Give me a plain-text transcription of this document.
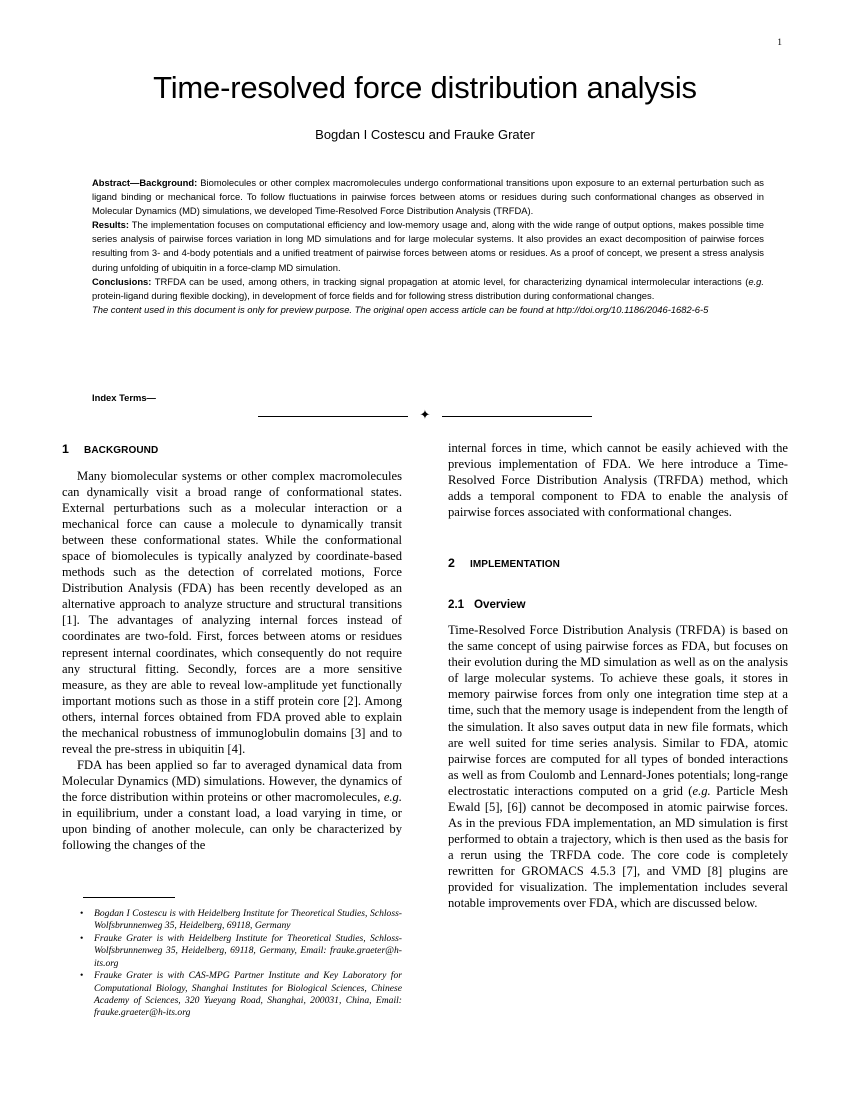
1
Time-resolved force distribution analysis
Bogdan I Costescu and Frauke Grater

Abstract—Background: Biomolecules or other complex macromolecules undergo conformational transitions upon exposure to an external perturbation such as ligand binding or mechanical force. To follow fluctuations in pairwise forces between atoms or residues during such conformational changes as observed in Molecular Dynamics (MD) simulations, we developed Time-Resolved Force Distribution Analysis (TRFDA).

Results: The implementation focuses on computational efficiency and low-memory usage and, along with the wide range of output options, makes possible time series analysis of pairwise forces variation in long MD simulations and for large molecular systems. It also provides an exact decomposition of pairwise forces resulting from 3- and 4-body potentials and a unified treatment of pairwise forces between atoms or residues. As a proof of concept, we present a stress analysis during unfolding of ubiquitin in a force-clamp MD simulation.

Conclusions: TRFDA can be used, among others, in tracking signal propagation at atomic level, for characterizing dynamical intermolecular interactions (e.g. protein-ligand during flexible docking), in development of force fields and for following stress distribution during conformational changes.

The content used in this document is only for preview purpose. The original open access article can be found at http://doi.org/10.1186/2046-1682-6-5

Index Terms—
✦
1 background

Many biomolecular systems or other complex macromolecules can dynamically visit a broad range of conformational states. External perturbations such as a molecular interaction or a mechanical force can cause a molecule to dynamically transit between these conformational states. While the conformational space of biomolecules is typically analyzed by coordinate-based methods such as the detection of correlated motions, Force Distribution Analysis (FDA) has been recently developed as an alternative approach to analyze structure and structural transitions [1]. The advantages of analyzing internal forces instead of coordinates are two-fold. First, forces between atoms or residues represent internal coordinates, which consequently do not require any structural fitting. Secondly, forces are a more sensitive measure, as they are able to reveal low-amplitude yet functionally important motions such as those in a stiff protein core [2]. Among others, internal forces obtained from FDA proved able to explain the mechanical robustness of immunoglobulin domains [3] and to reveal the pre-stress in ubiquitin [4].

FDA has been applied so far to averaged dynamical data from Molecular Dynamics (MD) simulations. However, the dynamics of the force distribution within proteins or other macromolecules, e.g. in equilibrium, under a constant load, a load varying in time, or upon binding of another molecule, can only be characterized by following the changes of the

internal forces in time, which cannot be easily achieved with the previous implementation of FDA. We here introduce a Time-Resolved Force Distribution Analysis (TRFDA) method, which adds a temporal component to FDA to enable the analysis of pairwise forces associated with conformational changes.

2 implementation
2.1 Overview

Time-Resolved Force Distribution Analysis (TRFDA) is based on the same concept of using pairwise forces as FDA, but focuses on their evolution during the MD simulation as well as on the analysis of large molecular systems. To achieve these goals, it stores in memory pairwise forces from only one integration time step at a time, such that the memory usage is independent from the length of the simulation. It also saves output data in new file formats, which are well suited for time series analysis. Similar to FDA, atomic pairwise forces are computed for all types of bonded interactions as well as from Coulomb and Lennard-Jones potentials; long-range electrostatic interactions computed on a grid (e.g. Particle Mesh Ewald [5], [6]) cannot be decomposed in atomic pairwise forces. As in the previous FDA implementation, an MD simulation is first performed to obtain a trajectory, which is then used as the basis for a rerun using the TRFDA code. The core code is completely rewritten for GROMACS 4.5.3 [7], and VMD [8] plugins are provided for visualization. The implementation includes several notable improvements over FDA, which are discussed below.

• Bogdan I Costescu is with Heidelberg Institute for Theoretical Studies, Schloss-Wolfsbrunnenweg 35, Heidelberg, 69118, Germany
• Frauke Grater is with Heidelberg Institute for Theoretical Studies, Schloss-Wolfsbrunnenweg 35, Heidelberg, 69118, Germany, Email: frauke.graeter@h-its.org
• Frauke Grater is with CAS-MPG Partner Institute and Key Laboratory for Computational Biology, Shanghai Institutes for Biological Sciences, Chinese Academy of Sciences, 320 Yueyang Road, Shanghai, 200031, China, Email: frauke.graeter@h-its.org
